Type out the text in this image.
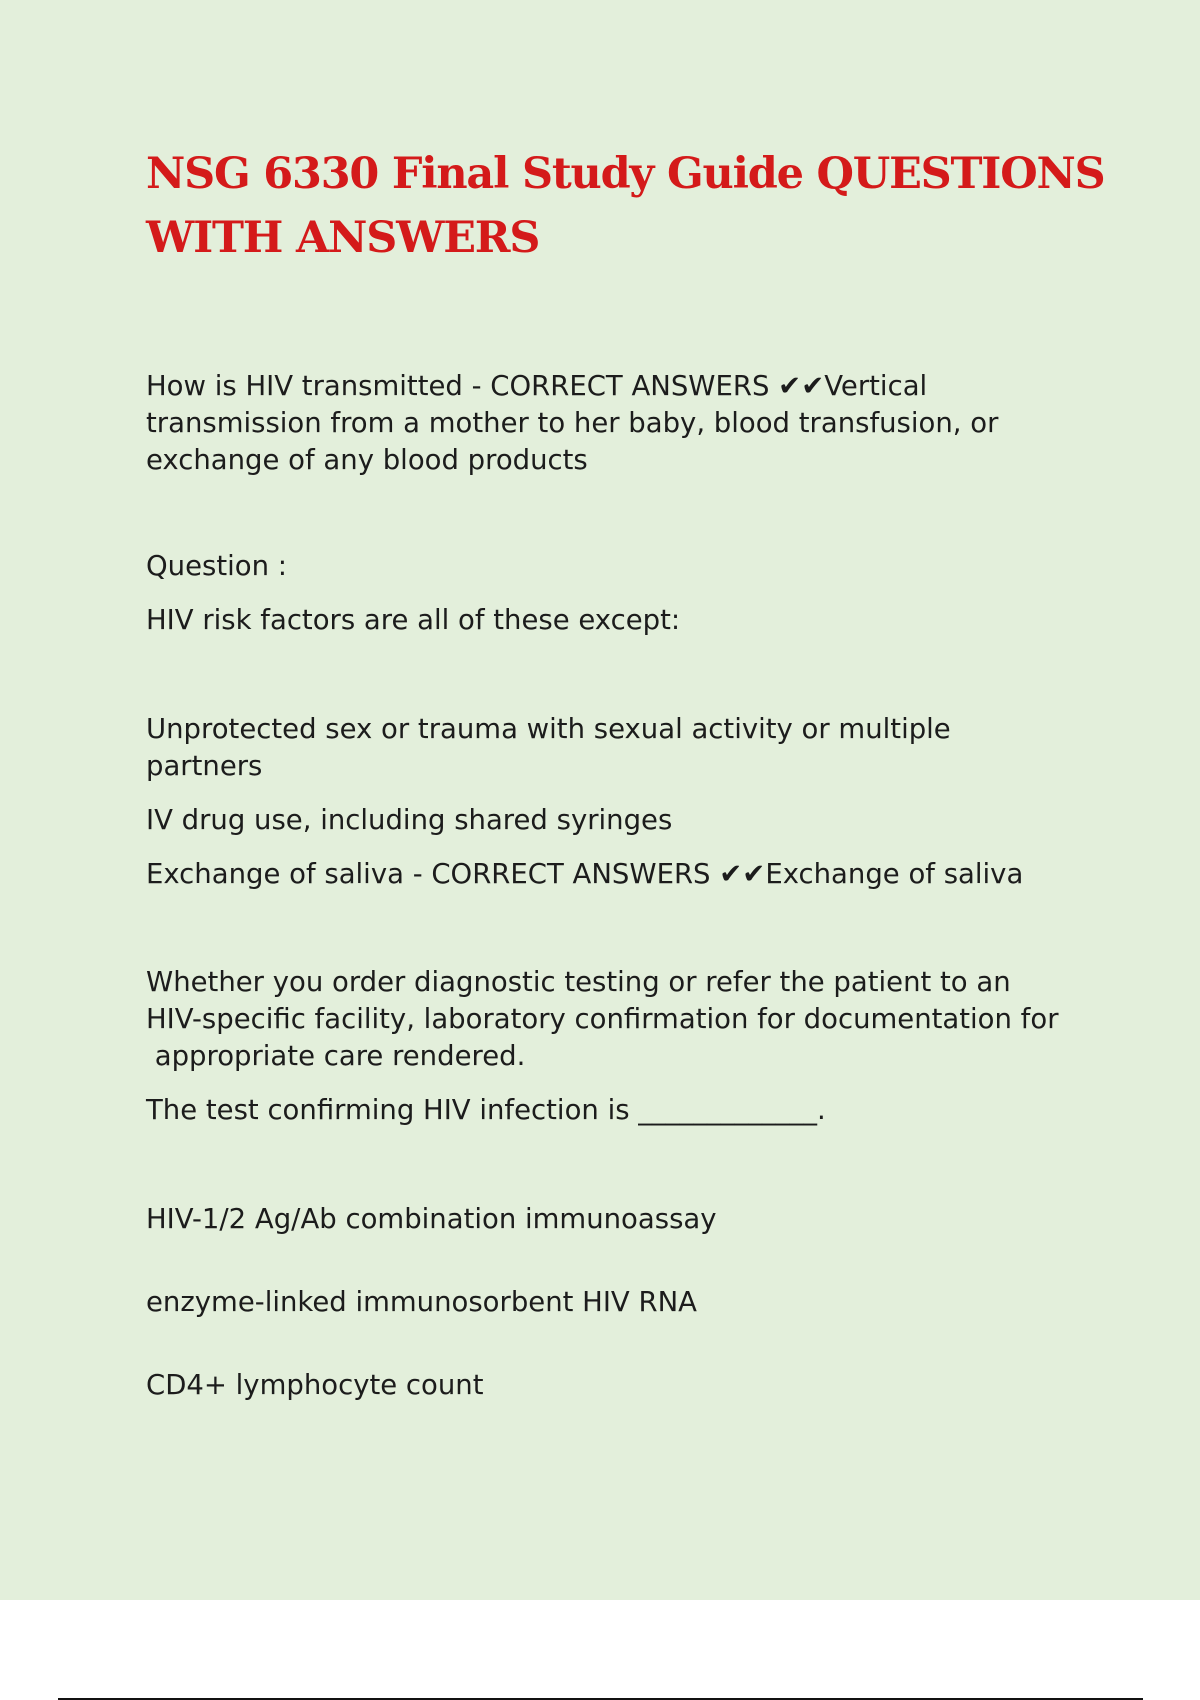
NSG 6330 Final Study Guide QUESTIONS
WITH ANSWERS

How is HIV transmitted - CORRECT ANSWERS ✔✔Vertical transmission from a mother to her baby, blood transfusion, or exchange of any blood products

Question :

HIV risk factors are all of these except:

Unprotected sex or trauma with sexual activity or multiple partners

IV drug use, including shared syringes

Exchange of saliva - CORRECT ANSWERS ✔✔Exchange of saliva

Whether you order diagnostic testing or refer the patient to an
HIV-specific facility, laboratory confirmation for documentation for
appropriate care rendered.

The test confirming HIV infection is _____________.

HIV-1/2 Ag/Ab combination immunoassay

enzyme-linked immunosorbent HIV RNA

CD4+ lymphocyte count
